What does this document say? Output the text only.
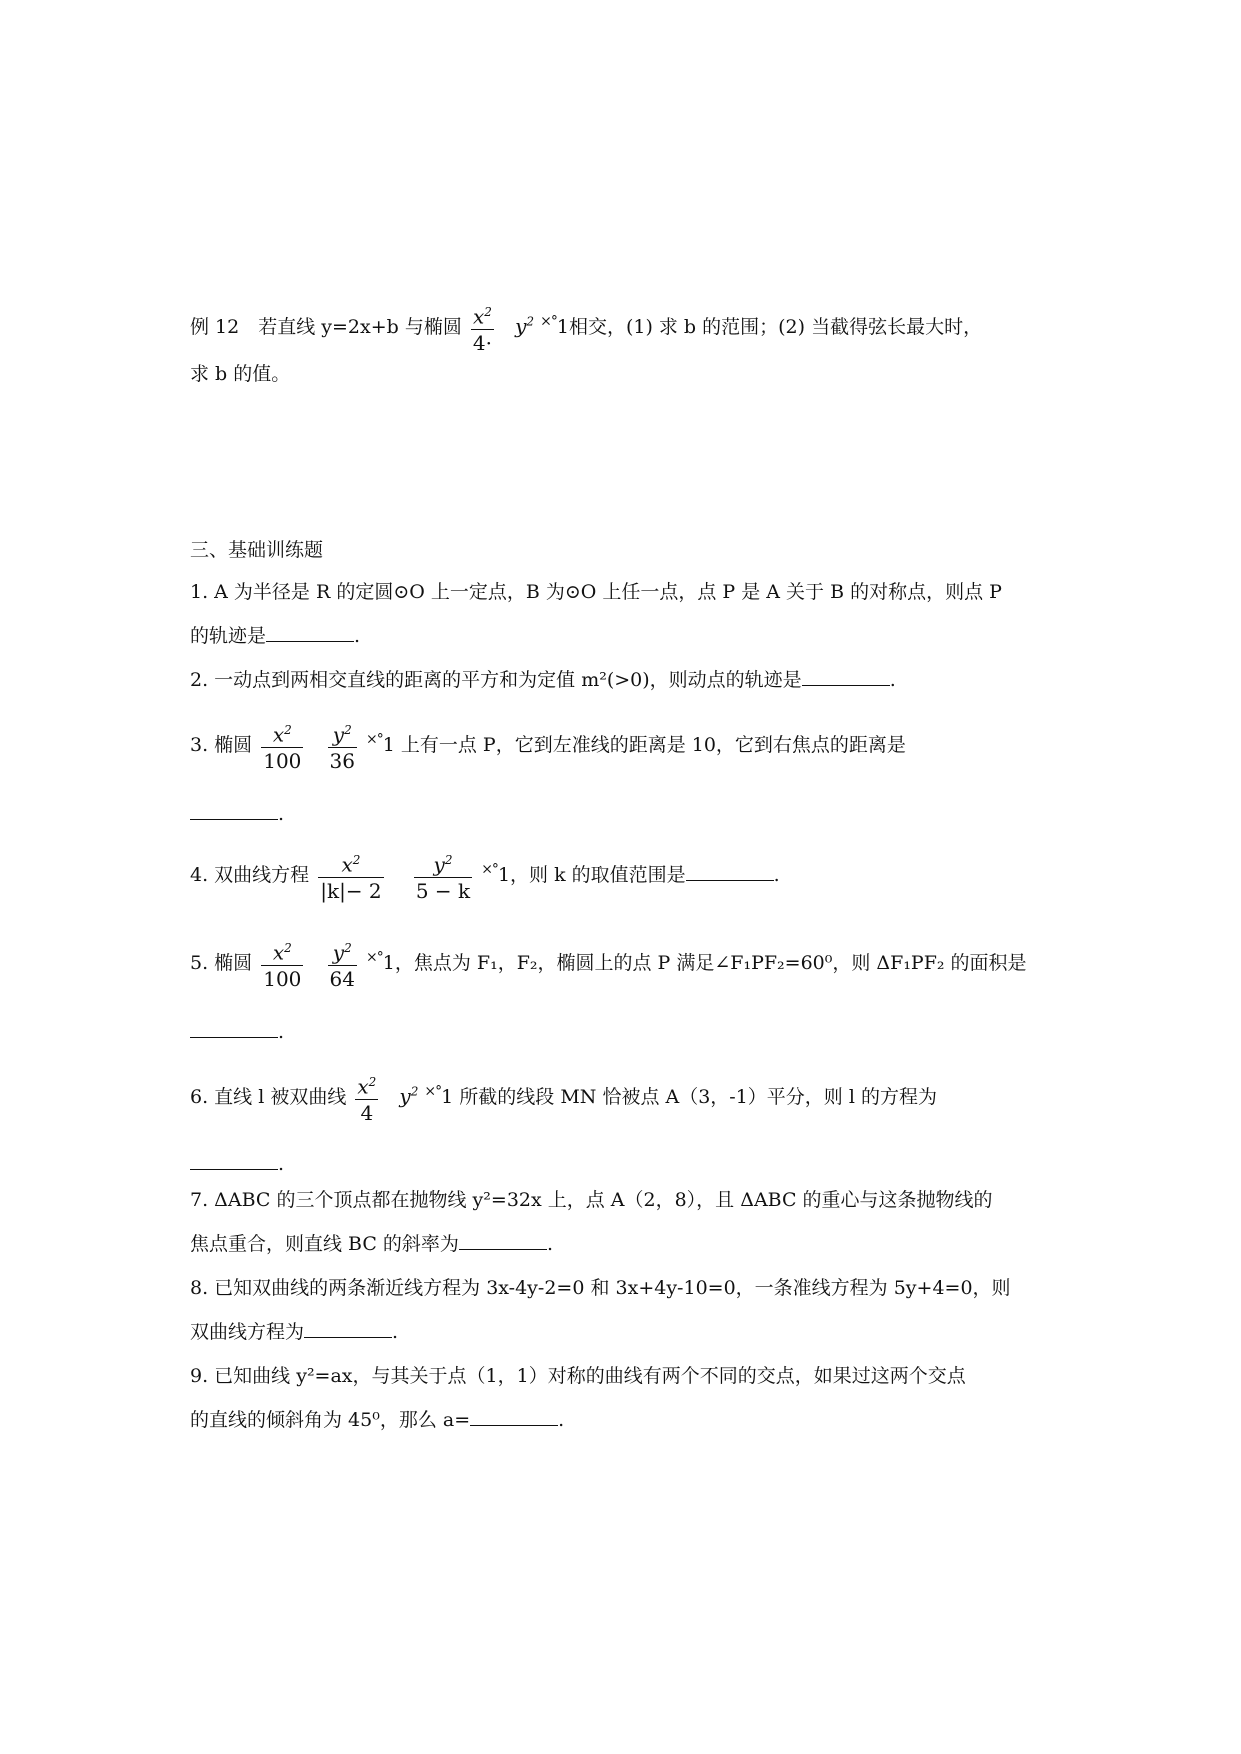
例 12　若直线 y=2x+b 与椭圆 $\frac{x^2}{4\cdot} y^2$ ×°1相交，(1) 求 b 的范围；(2) 当截得弦长最大时，
求 b 的值。
三、基础训练题
1. A 为半径是 R 的定圆⊙O 上一定点，B 为⊙O 上任一点，点 P 是 A 关于 B 的对称点，则点 P
的轨迹是	.
2. 一动点到两相交直线的距离的平方和为定值 m²(>0)，则动点的轨迹是	.
3. 椭圆 $\frac{x^2}{100}$
$\frac{y^2}{36} ^{\times^\circ}1$ 上有一点 P，它到左准线的距离是 10，它到右焦点的距离是
.
4. 双曲线方程 $\frac{x^2}{|k|- 2}$
$\frac{y^2}{5 - k} ^{\times^\circ}1$，则 k 的取值范围是	.
5. 椭圆 $\frac{x^2}{100}$
$\frac{y^2}{64} ^{\times^\circ}1$，焦点为 F₁，F₂，椭圆上的点 P 满足∠F₁PF₂=60⁰，则 ΔF₁PF₂ 的面积是
.
6. 直线 l 被双曲线 $\frac{x^2}{4} y^2$ ×°1 所截的线段 MN 恰被点 A（3，-1）平分，则 l 的方程为
.
7. ΔABC 的三个顶点都在抛物线 y²=32x 上，点 A（2，8），且 ΔABC 的重心与这条抛物线的
焦点重合，则直线 BC 的斜率为	.
8. 已知双曲线的两条渐近线方程为 3x-4y-2=0 和 3x+4y-10=0，一条准线方程为 5y+4=0，则
双曲线方程为	.
9. 已知曲线 y²=ax，与其关于点（1，1）对称的曲线有两个不同的交点，如果过这两个交点
的直线的倾斜角为 45⁰，那么 a=	.
